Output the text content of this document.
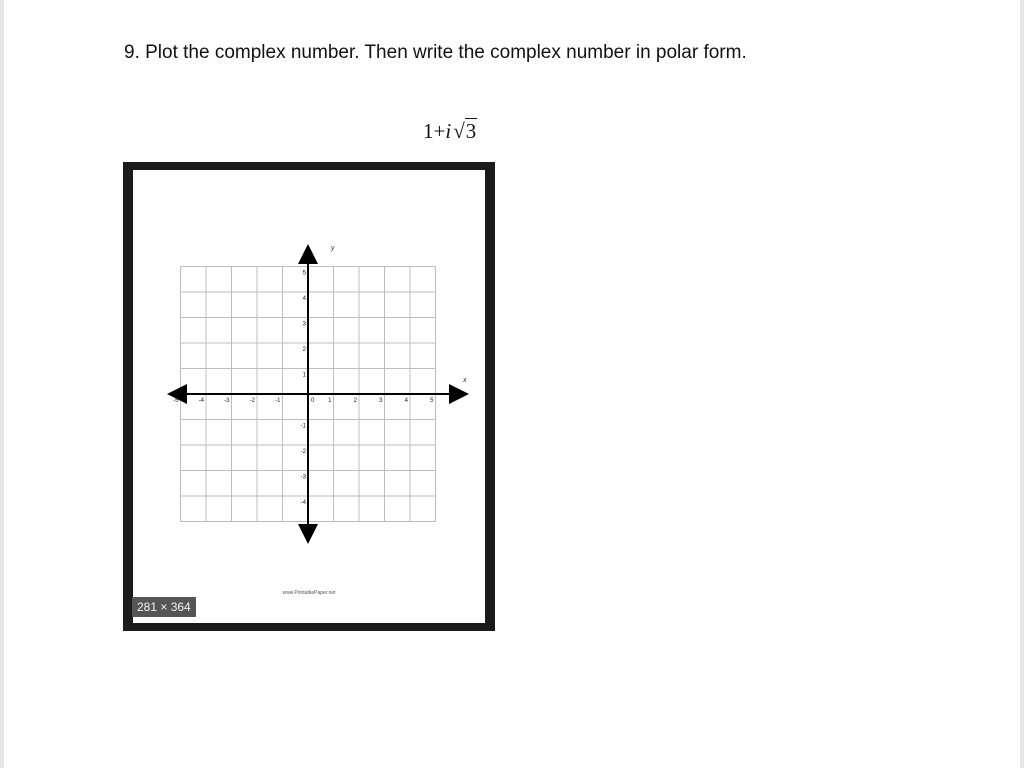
9. Plot the complex number. Then write the complex number in polar form.
1+i√3
-5	-4	-3	-2	-1	1	2	3	4	5
5
4
3
2
1
-1
-2
-3
-4
-5
0
x
y
www.PrintablePaper.net
281 × 364
